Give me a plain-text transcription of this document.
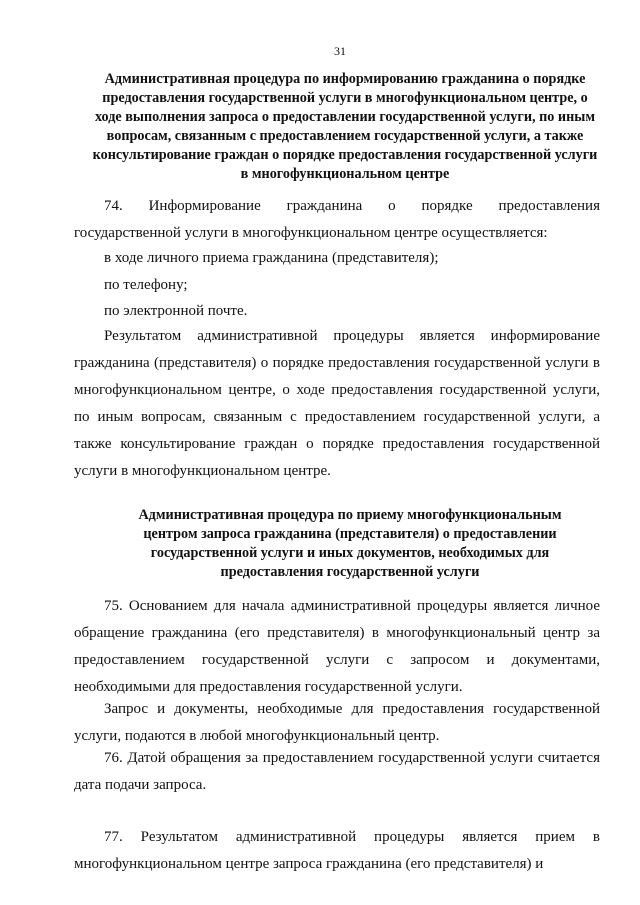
31

Административная процедура по информированию гражданина о порядке предоставления государственной услуги в многофункциональном центре, о ходе выполнения запроса о предоставлении государственной услуги, по иным вопросам, связанным с предоставлением государственной услуги, а также консультирование граждан о порядке предоставления государственной услуги в многофункциональном центре

74. Информирование гражданина о порядке предоставления государственной услуги в многофункциональном центре осуществляется:

в ходе личного приема гражданина (представителя);

по телефону;

по электронной почте.

Результатом административной процедуры является информирование гражданина (представителя) о порядке предоставления государственной услуги в многофункциональном центре, о ходе предоставления государственной услуги, по иным вопросам, связанным с предоставлением государственной услуги, а также консультирование граждан о порядке предоставления государственной услуги в многофункциональном центре.

Административная процедура по приему многофункциональным центром запроса гражданина (представителя) о предоставлении государственной услуги и иных документов, необходимых для предоставления государственной услуги

75. Основанием для начала административной процедуры является личное обращение гражданина (его представителя) в многофункциональный центр за предоставлением государственной услуги с запросом и документами, необходимыми для предоставления государственной услуги.

Запрос и документы, необходимые для предоставления государственной услуги, подаются в любой многофункциональный центр.

76. Датой обращения за предоставлением государственной услуги считается дата подачи запроса.

77. Результатом административной процедуры является прием в многофункциональном центре запроса гражданина (его представителя) и
